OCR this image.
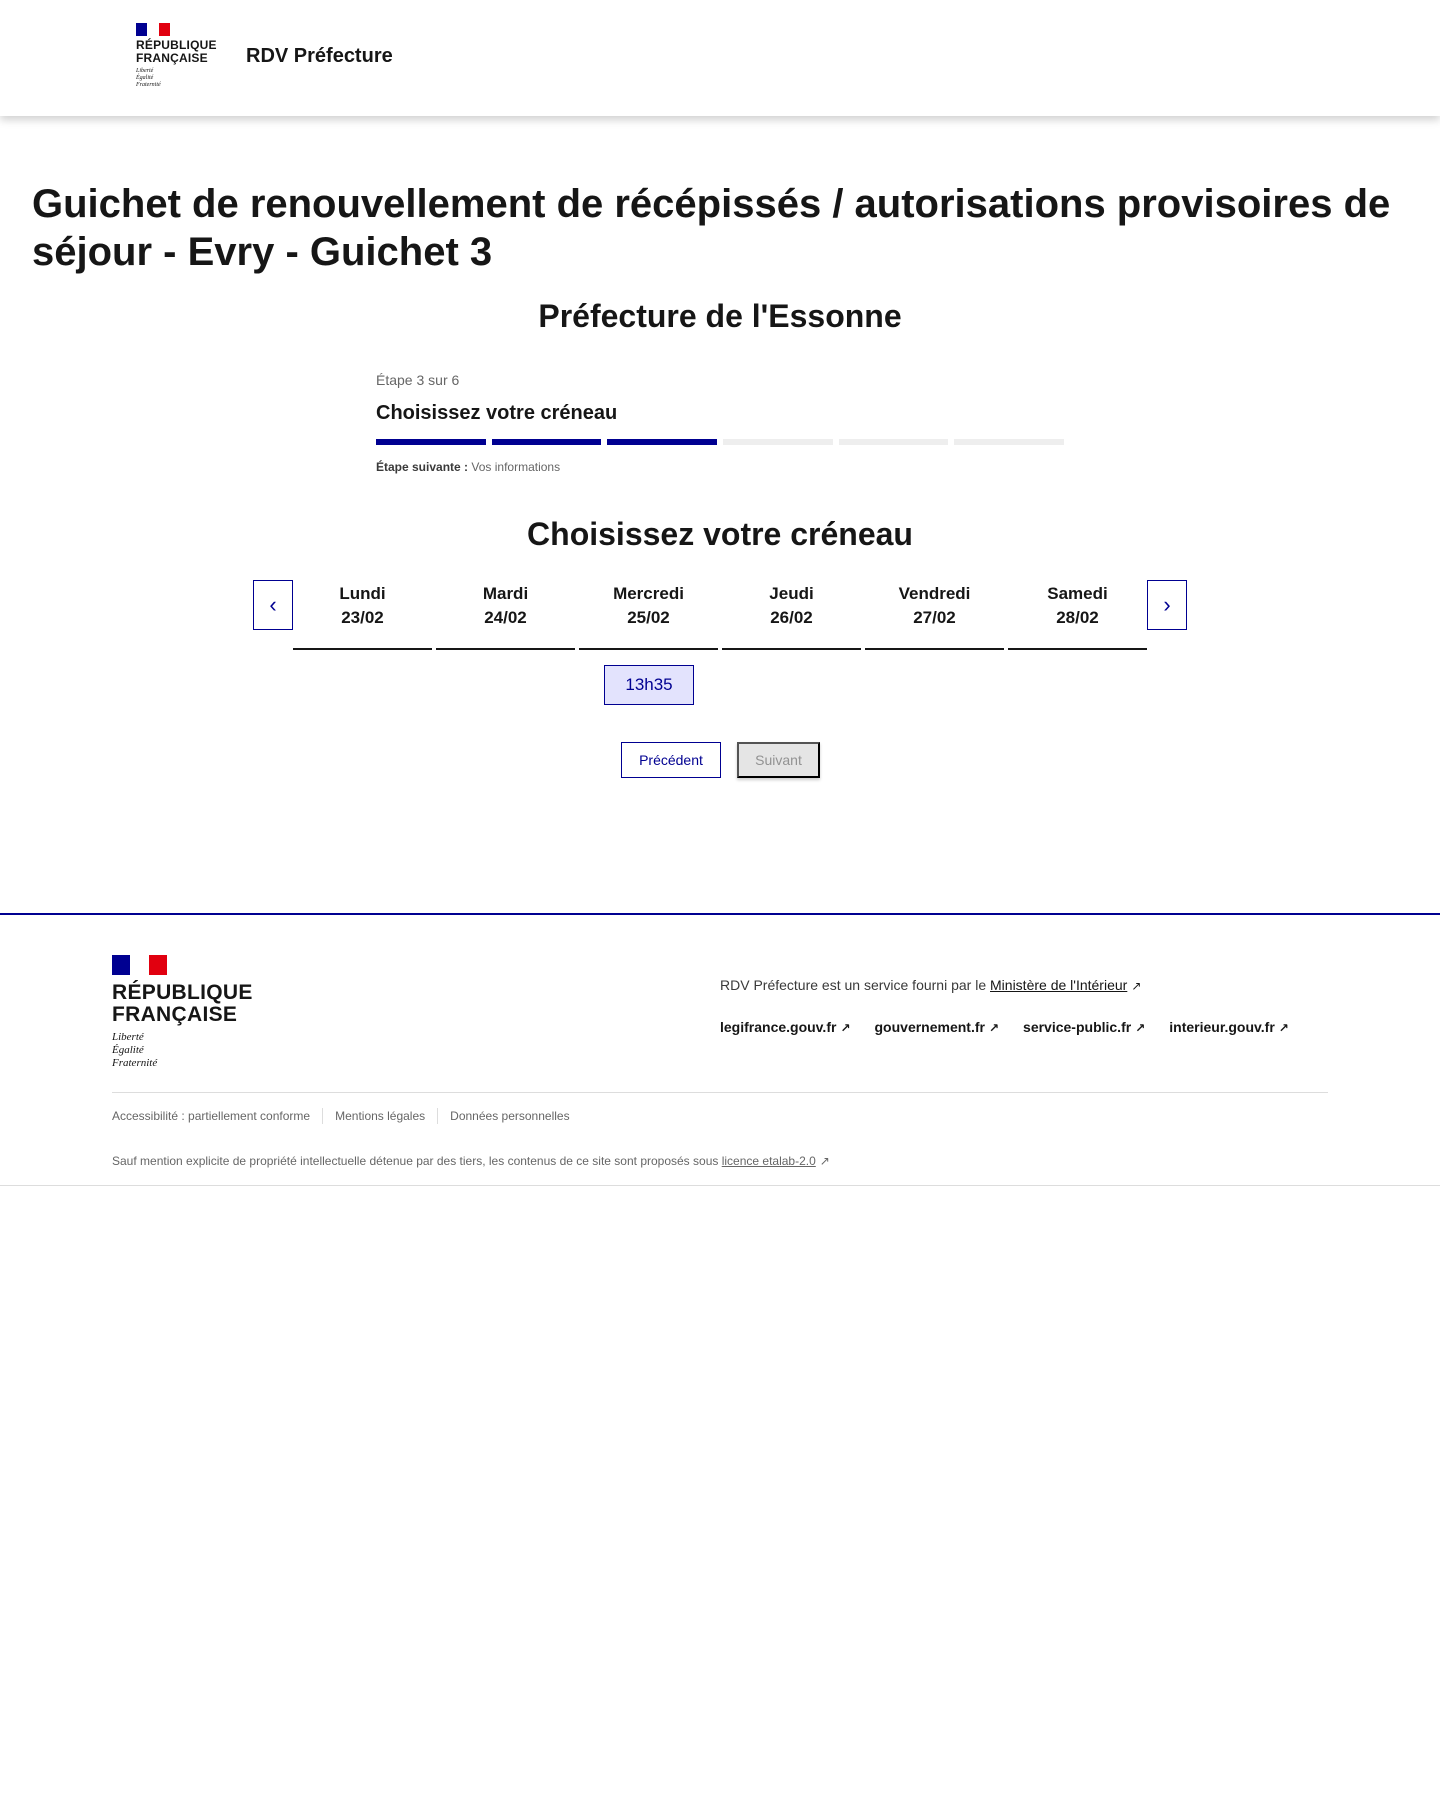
RÉPUBLIQUE FRANÇAISE
Liberté
Égalité
Fraternité
RDV Préfecture
Guichet de renouvellement de récépissés / autorisations provisoires de séjour - Evry - Guichet 3
Préfecture de l'Essonne
Étape 3 sur 6
Choisissez votre créneau
Étape suivante : Vos informations
Choisissez votre créneau
‹	Lundi
23/02
Mardi
24/02
Mercredi
25/02
Jeudi
26/02
Vendredi
27/02
Samedi
28/02
›
13h35
Précédent	Suivant
RÉPUBLIQUE FRANÇAISE
Liberté
Égalité
Fraternité
RDV Préfecture est un service fourni par le Ministère de l'Intérieur ↗
legifrance.gouv.fr ↗ gouvernement.fr ↗ service-public.fr ↗ interieur.gouv.fr ↗
Accessibilité : partiellement conforme Mentions légales Données personnelles
Sauf mention explicite de propriété intellectuelle détenue par des tiers, les contenus de ce site sont proposés sous licence etalab-2.0 ↗
